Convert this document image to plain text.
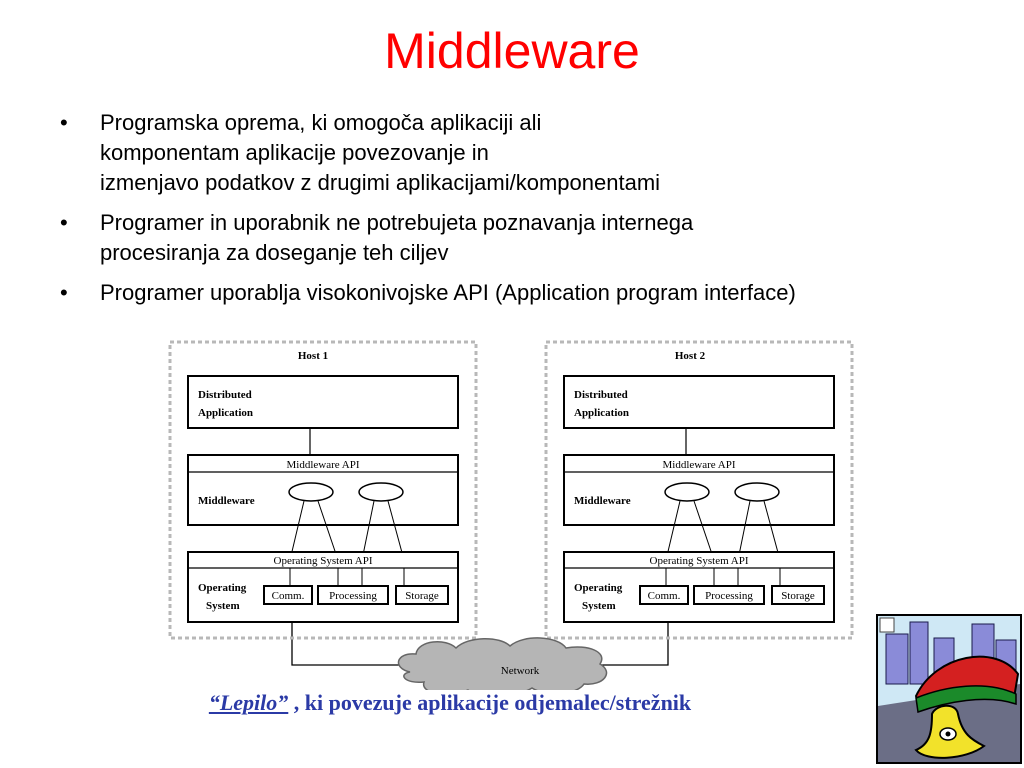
Middleware
• Programska oprema, ki omogoča aplikaciji ali
komponentam aplikacije povezovanje in
izmenjavo podatkov z drugimi aplikacijami/komponentami
• Programer in uporabnik ne potrebujeta poznavanja internega
procesiranja za doseganje teh ciljev
• Programer uporablja visokonivojske API (Application program interface)
Host 1
Distributed
Application
Middleware API
Middleware
Operating System API
Operating
System
Comm. Processing	Storage
Host 2
Distributed
Application
Middleware API
Middleware
Operating System API
Operating
System
Comm. Processing	Storage
Network
“Lepilo” , ki povezuje aplikacije odjemalec/strežnik
